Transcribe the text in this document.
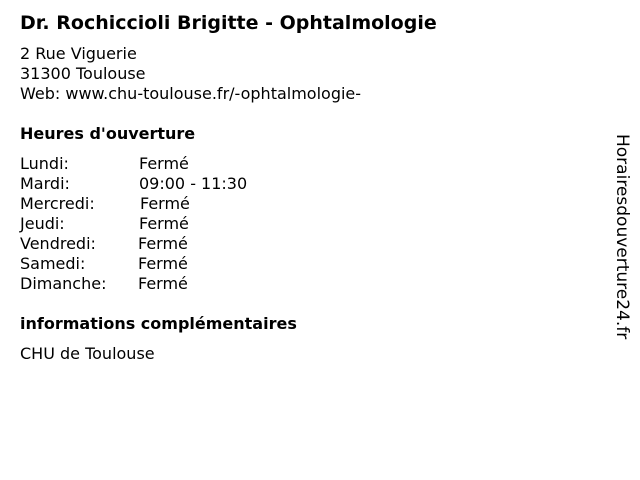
Dr. Rochiccioli Brigitte - Ophtalmologie
2 Rue Viguerie
31300 Toulouse
Web: www.chu-toulouse.fr/-ophtalmologie-
Heures d'ouverture
Lundi:	Fermé
Mardi:	09:00 - 11:30
Mercredi:	Fermé
Jeudi:	Fermé
Vendredi:	Fermé
Samedi:	Fermé
Dimanche: Fermé
informations complémentaires
CHU de Toulouse
Horairesdouverture24.fr
